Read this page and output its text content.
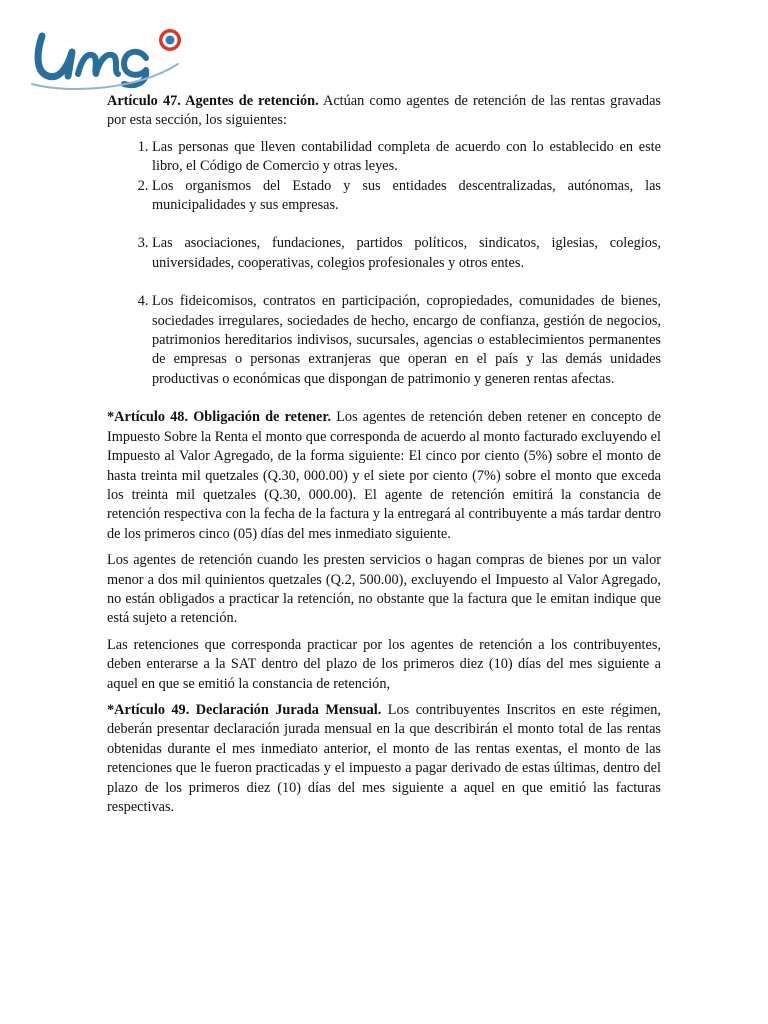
Artículo 47. Agentes de retención. Actúan como agentes de retención de las rentas gravadas por esta sección, los siguientes:

1. Las personas que lleven contabilidad completa de acuerdo con lo establecido en este libro, el Código de Comercio y otras leyes.
2. Los organismos del Estado y sus entidades descentralizadas, autónomas, las municipalidades y sus empresas.
3. Las asociaciones, fundaciones, partidos políticos, sindicatos, iglesias, colegios, universidades, cooperativas, colegios profesionales y otros entes.
4. Los fideicomisos, contratos en participación, copropiedades, comunidades de bienes, sociedades irregulares, sociedades de hecho, encargo de confianza, gestión de negocios, patrimonios hereditarios indivisos, sucursales, agencias o establecimientos permanentes de empresas o personas extranjeras que operan en el país y las demás unidades productivas o económicas que dispongan de patrimonio y generen rentas afectas.

*Artículo 48. Obligación de retener. Los agentes de retención deben retener en concepto de Impuesto Sobre la Renta el monto que corresponda de acuerdo al monto facturado excluyendo el Impuesto al Valor Agregado, de la forma siguiente: El cinco por ciento (5%) sobre el monto de hasta treinta mil quetzales (Q.30, 000.00) y el siete por ciento (7%) sobre el monto que exceda los treinta mil quetzales (Q.30, 000.00). El agente de retención emitirá la constancia de retención respectiva con la fecha de la factura y la entregará al contribuyente a más tardar dentro de los primeros cinco (05) días del mes inmediato siguiente.

Los agentes de retención cuando les presten servicios o hagan compras de bienes por un valor menor a dos mil quinientos quetzales (Q.2, 500.00), excluyendo el Impuesto al Valor Agregado, no están obligados a practicar la retención, no obstante que la factura que le emitan indique que está sujeto a retención.

Las retenciones que corresponda practicar por los agentes de retención a los contribuyentes, deben enterarse a la SAT dentro del plazo de los primeros diez (10) días del mes siguiente a aquel en que se emitió la constancia de retención,

*Artículo 49. Declaración Jurada Mensual. Los contribuyentes Inscritos en este régimen, deberán presentar declaración jurada mensual en la que describirán el monto total de las rentas obtenidas durante el mes inmediato anterior, el monto de las rentas exentas, el monto de las retenciones que le fueron practicadas y el impuesto a pagar derivado de estas últimas, dentro del plazo de los primeros diez (10) días del mes siguiente a aquel en que emitió las facturas respectivas.
